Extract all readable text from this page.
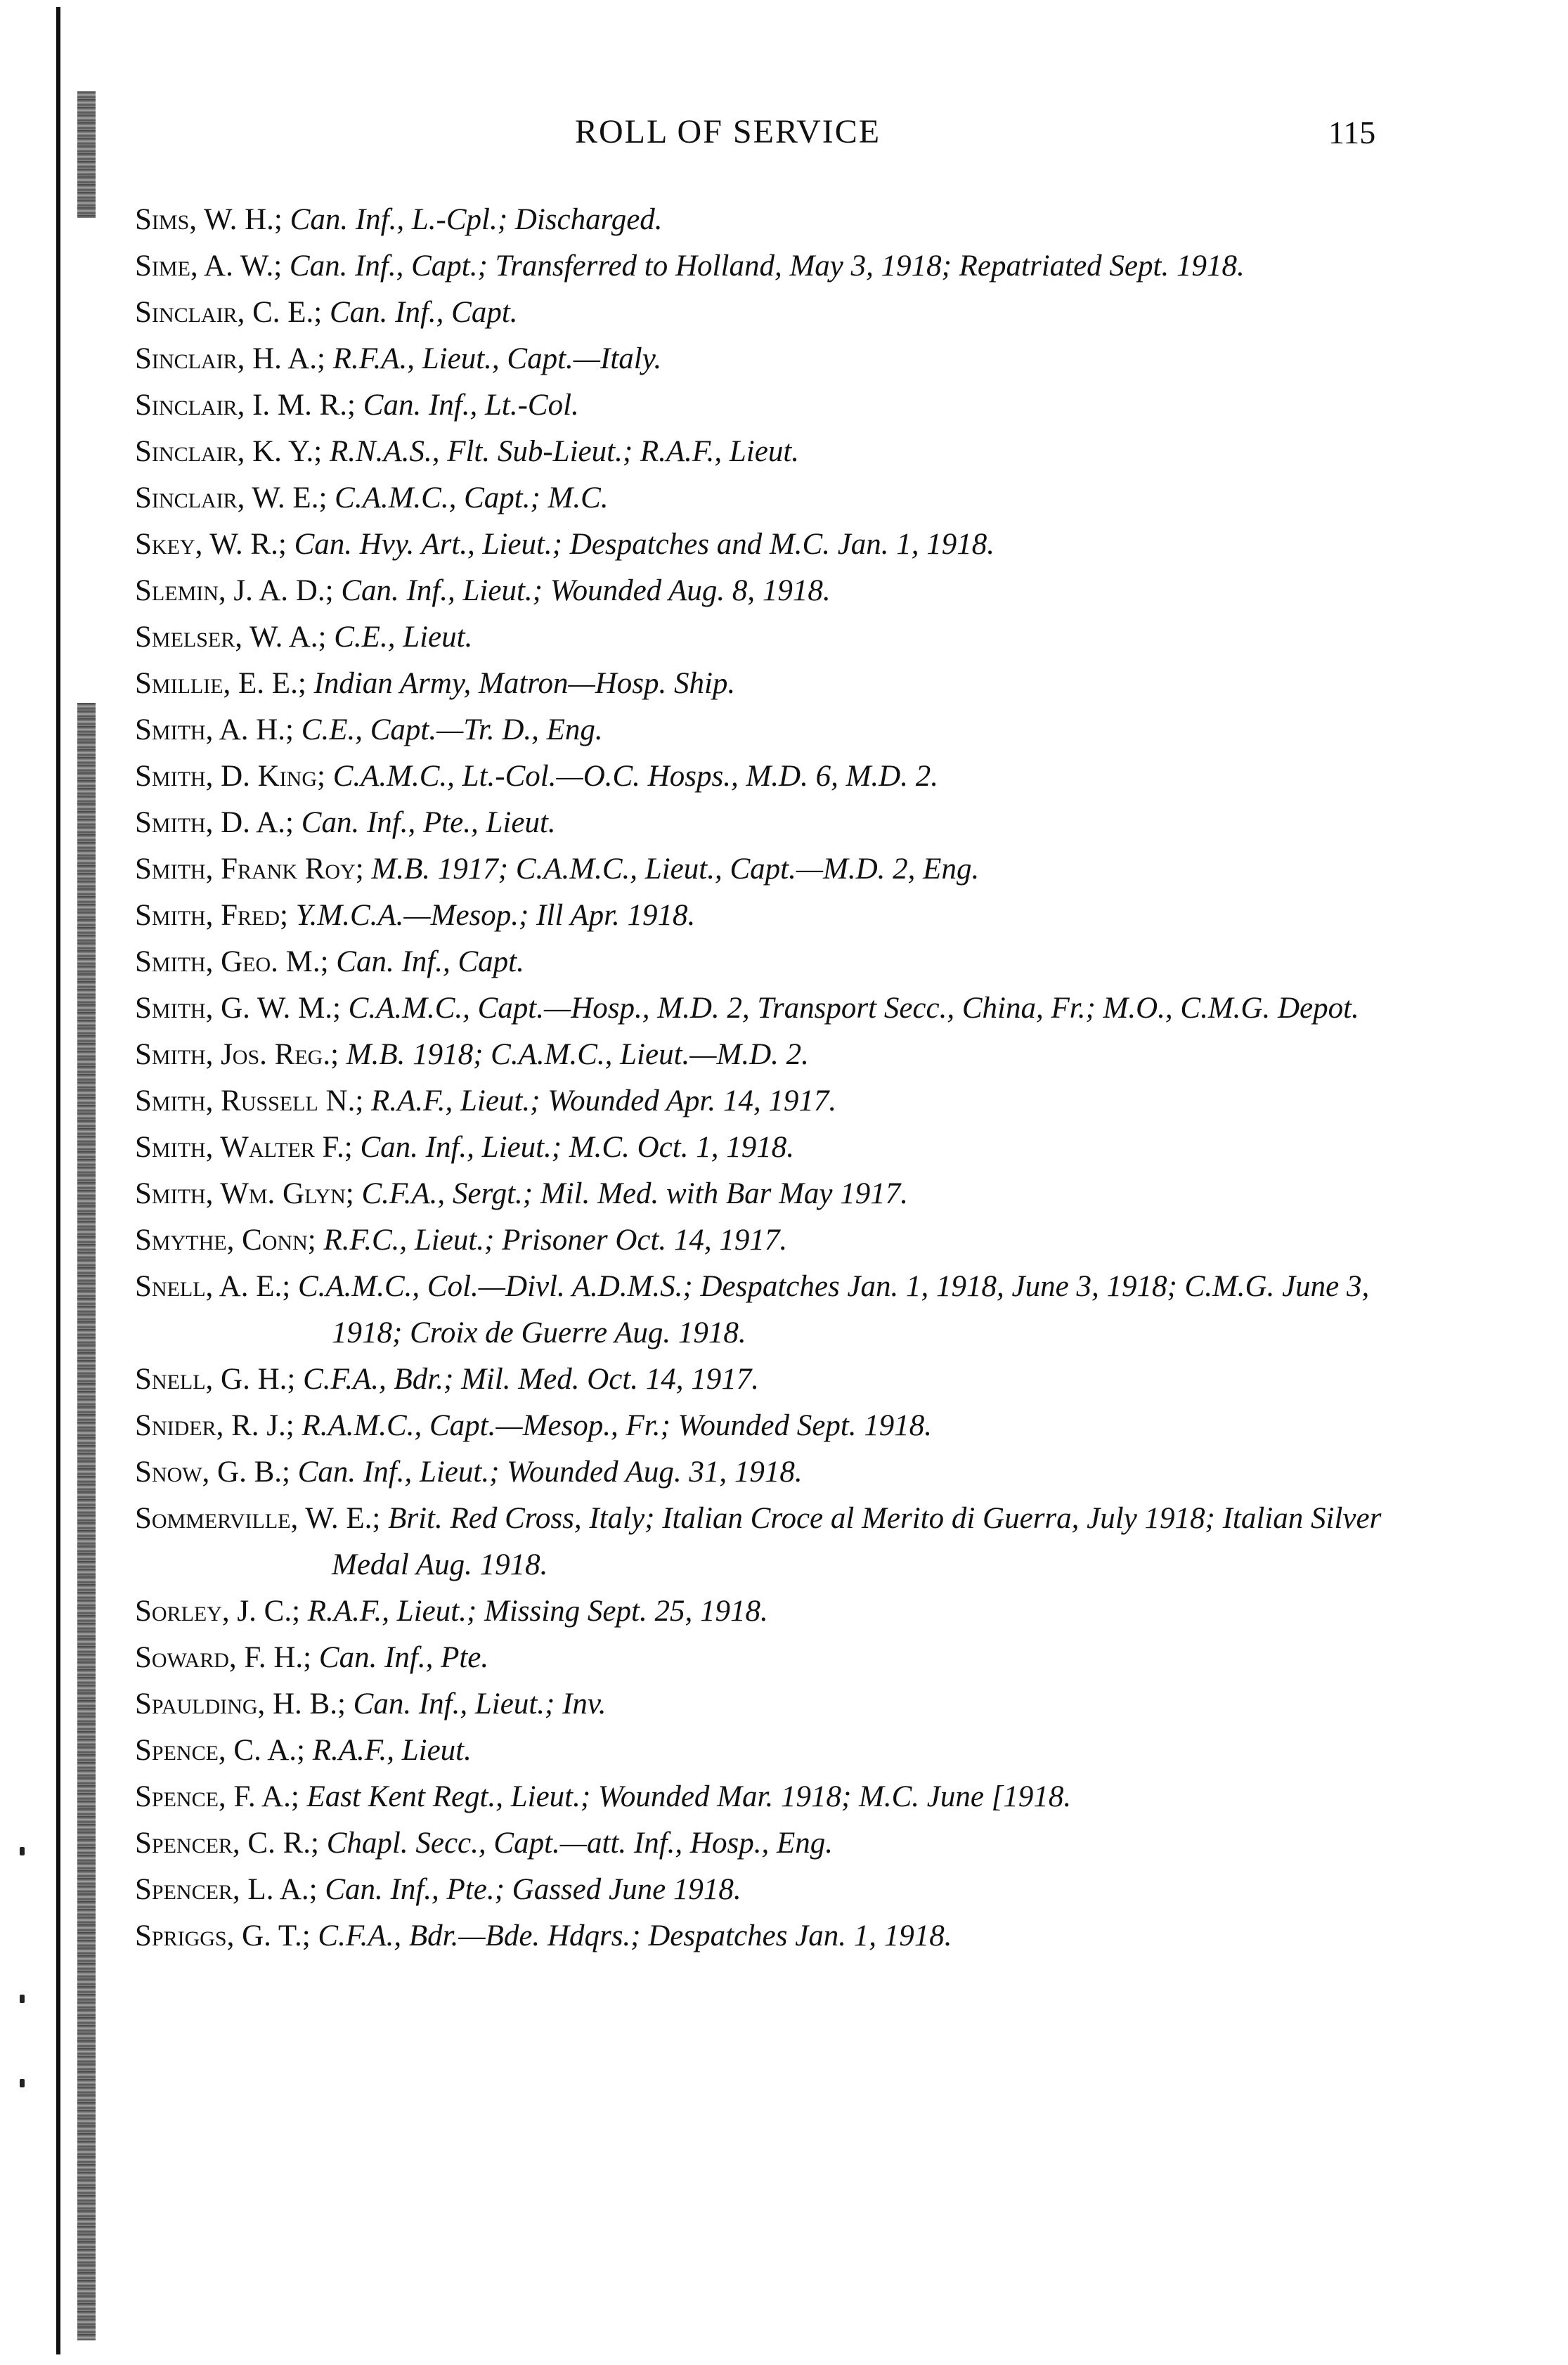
ROLL OF SERVICE	115
Sims, W. H.; Can. Inf., L.-Cpl.; Discharged.
Sime, A. W.; Can. Inf., Capt.; Transferred to Holland, May 3, 1918; Repatriated Sept. 1918.
Sinclair, C. E.; Can. Inf., Capt.
Sinclair, H. A.; R.F.A., Lieut., Capt.—Italy.
Sinclair, I. M. R.; Can. Inf., Lt.-Col.
Sinclair, K. Y.; R.N.A.S., Flt. Sub-Lieut.; R.A.F., Lieut.
Sinclair, W. E.; C.A.M.C., Capt.; M.C.
Skey, W. R.; Can. Hvy. Art., Lieut.; Despatches and M.C. Jan. 1, 1918.
Slemin, J. A. D.; Can. Inf., Lieut.; Wounded Aug. 8, 1918.
Smelser, W. A.; C.E., Lieut.
Smillie, E. E.; Indian Army, Matron—Hosp. Ship.
Smith, A. H.; C.E., Capt.—Tr. D., Eng.
Smith, D. King; C.A.M.C., Lt.-Col.—O.C. Hosps., M.D. 6, M.D. 2.
Smith, D. A.; Can. Inf., Pte., Lieut.
Smith, Frank Roy; M.B. 1917; C.A.M.C., Lieut., Capt.—M.D. 2, Eng.
Smith, Fred; Y.M.C.A.—Mesop.; Ill Apr. 1918.
Smith, Geo. M.; Can. Inf., Capt.
Smith, G. W. M.; C.A.M.C., Capt.—Hosp., M.D. 2, Transport Secc., China, Fr.; M.O., C.M.G. Depot.
Smith, Jos. Reg.; M.B. 1918; C.A.M.C., Lieut.—M.D. 2.
Smith, Russell N.; R.A.F., Lieut.; Wounded Apr. 14, 1917.
Smith, Walter F.; Can. Inf., Lieut.; M.C. Oct. 1, 1918.
Smith, Wm. Glyn; C.F.A., Sergt.; Mil. Med. with Bar May 1917.
Smythe, Conn; R.F.C., Lieut.; Prisoner Oct. 14, 1917.
Snell, A. E.; C.A.M.C., Col.—Divl. A.D.M.S.; Despatches Jan. 1, 1918, June 3, 1918; C.M.G. June 3, 1918; Croix de Guerre Aug. 1918.
Snell, G. H.; C.F.A., Bdr.; Mil. Med. Oct. 14, 1917.
Snider, R. J.; R.A.M.C., Capt.—Mesop., Fr.; Wounded Sept. 1918.
Snow, G. B.; Can. Inf., Lieut.; Wounded Aug. 31, 1918.
Sommerville, W. E.; Brit. Red Cross, Italy; Italian Croce al Merito di Guerra, July 1918; Italian Silver Medal Aug. 1918.
Sorley, J. C.; R.A.F., Lieut.; Missing Sept. 25, 1918.
Soward, F. H.; Can. Inf., Pte.
Spaulding, H. B.; Can. Inf., Lieut.; Inv.
Spence, C. A.; R.A.F., Lieut.
Spence, F. A.; East Kent Regt., Lieut.; Wounded Mar. 1918; M.C. June [1918.
Spencer, C. R.; Chapl. Secc., Capt.—att. Inf., Hosp., Eng.
Spencer, L. A.; Can. Inf., Pte.; Gassed June 1918.
Spriggs, G. T.; C.F.A., Bdr.—Bde. Hdqrs.; Despatches Jan. 1, 1918.
